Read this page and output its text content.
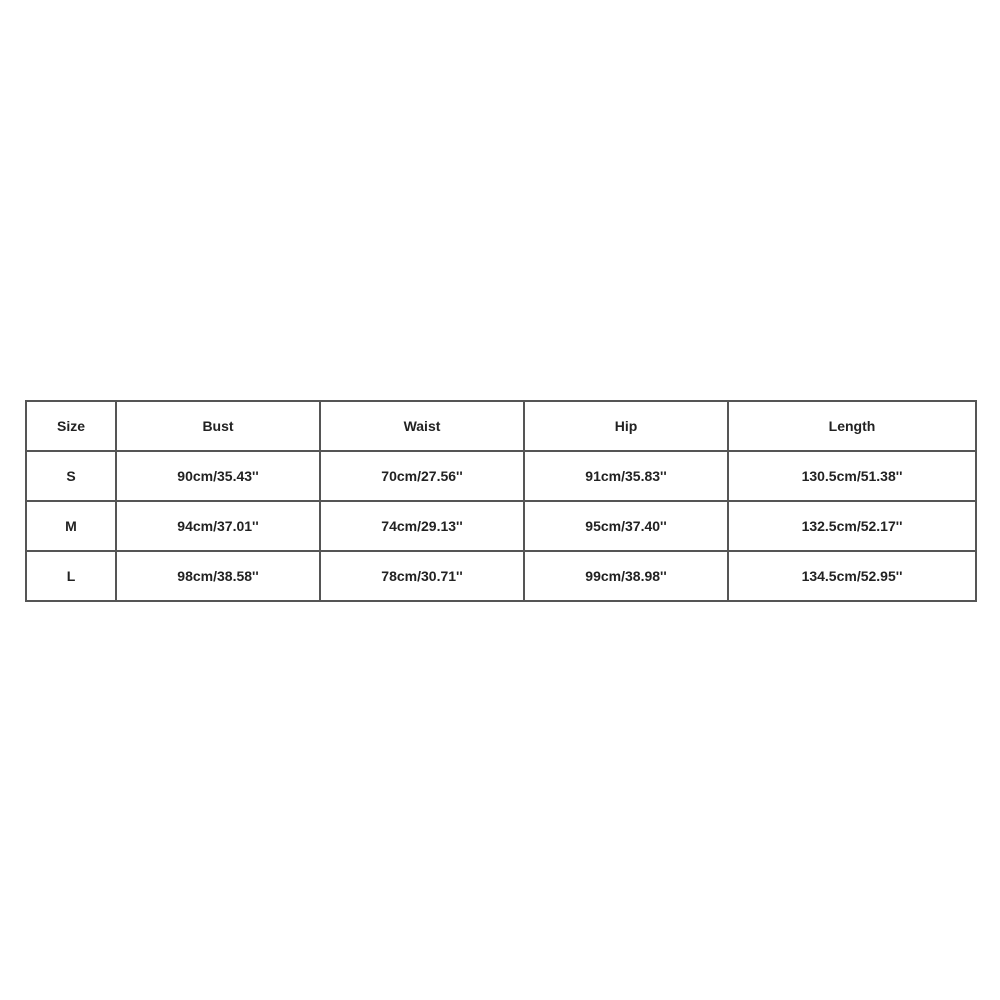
Size	Bust	Waist	Hip	Length
S	90cm/35.43''	70cm/27.56''	91cm/35.83''	130.5cm/51.38''
M	94cm/37.01''	74cm/29.13''	95cm/37.40''	132.5cm/52.17''
L	98cm/38.58''	78cm/30.71''	99cm/38.98''	134.5cm/52.95''
